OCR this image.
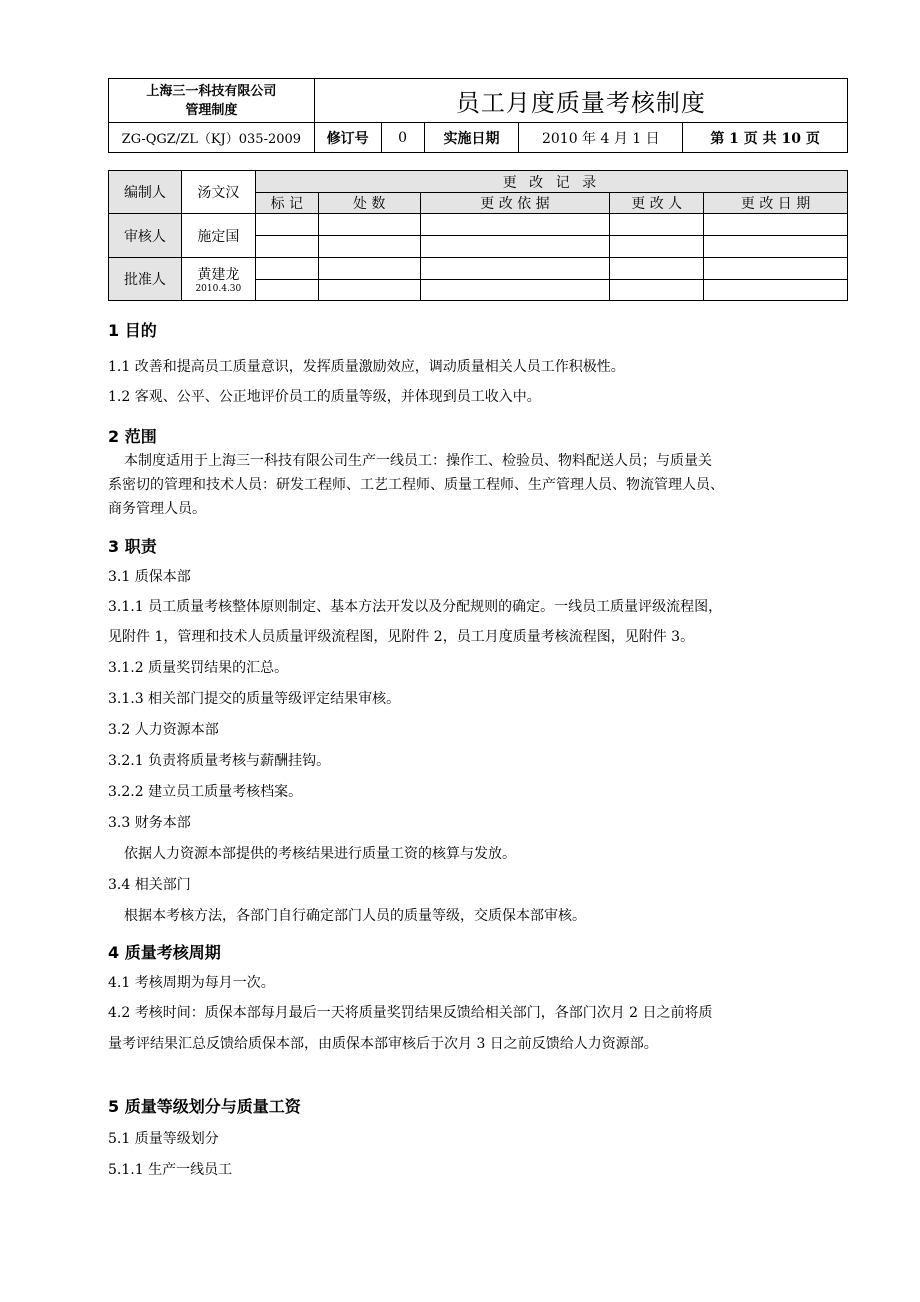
上海三一科技有限公司
管理制度	员工月度质量考核制度				
ZG-QGZ/ZL（KJ）035-2009	修订号	0	实施日期	2010 年 4 月 1 日	第 1 页 共 10 页
编制人	汤文汉	更 改 记 录				
		标 记	处 数	更 改 依 据	更 改 人	更 改 日 期
审核人	施定国					

批准人	黄建龙
2010.4.30					

1 目的
1.1 改善和提高员工质量意识，发挥质量激励效应，调动质量相关人员工作积极性。
1.2 客观、公平、公正地评价员工的质量等级，并体现到员工收入中。
2 范围
本制度适用于上海三一科技有限公司生产一线员工：操作工、检验员、物料配送人员；与质量关
系密切的管理和技术人员：研发工程师、工艺工程师、质量工程师、生产管理人员、物流管理人员、
商务管理人员。
3 职责
3.1 质保本部
3.1.1 员工质量考核整体原则制定、基本方法开发以及分配规则的确定。一线员工质量评级流程图，
见附件 1，管理和技术人员质量评级流程图，见附件 2，员工月度质量考核流程图，见附件 3。
3.1.2 质量奖罚结果的汇总。
3.1.3 相关部门提交的质量等级评定结果审核。
3.2 人力资源本部
3.2.1 负责将质量考核与薪酬挂钩。
3.2.2 建立员工质量考核档案。
3.3 财务本部
依据人力资源本部提供的考核结果进行质量工资的核算与发放。
3.4 相关部门
根据本考核方法，各部门自行确定部门人员的质量等级，交质保本部审核。
4 质量考核周期
4.1 考核周期为每月一次。
4.2 考核时间：质保本部每月最后一天将质量奖罚结果反馈给相关部门，各部门次月 2 日之前将质
量考评结果汇总反馈给质保本部，由质保本部审核后于次月 3 日之前反馈给人力资源部。
5 质量等级划分与质量工资
5.1 质量等级划分
5.1.1 生产一线员工
